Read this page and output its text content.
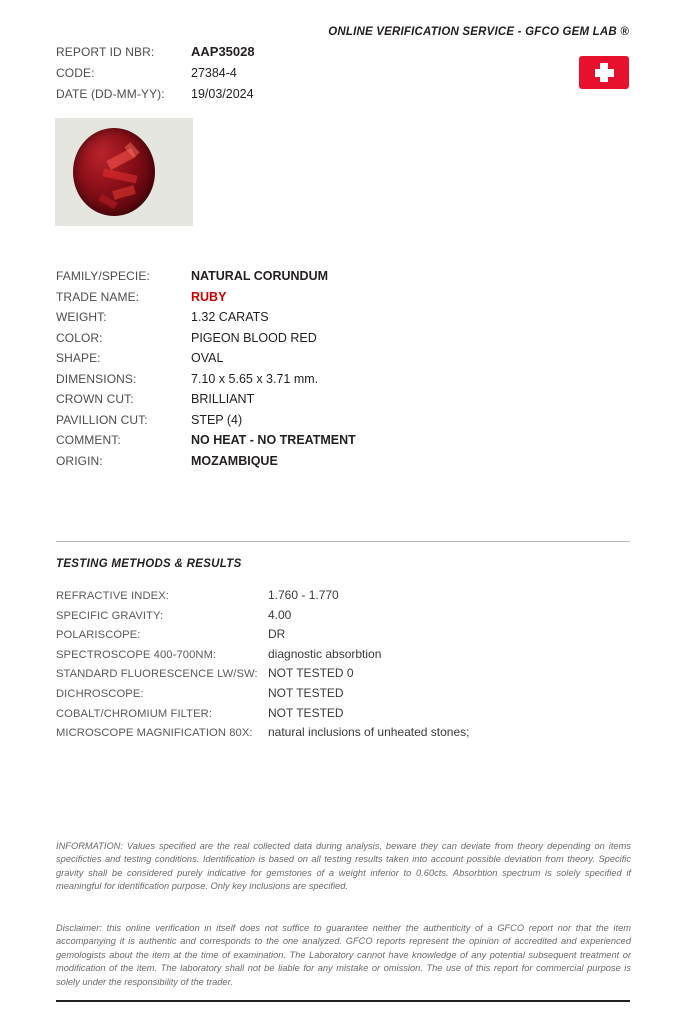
ONLINE VERIFICATION SERVICE - GFCO GEM LAB ®
REPORT ID NBR:	AAP35028
CODE:	27384-4
DATE (DD-MM-YY):	19/03/2024
FAMILY/SPECIE:	NATURAL CORUNDUM
TRADE NAME:	RUBY
WEIGHT:	1.32 CARATS
COLOR:	PIGEON BLOOD RED
SHAPE:	OVAL
DIMENSIONS:	7.10 x 5.65 x 3.71 mm.
CROWN CUT:	BRILLIANT
PAVILLION CUT:	STEP (4)
COMMENT:	NO HEAT - NO TREATMENT
ORIGIN:	MOZAMBIQUE
TESTING METHODS & RESULTS
REFRACTIVE INDEX:	1.760 - 1.770
SPECIFIC GRAVITY:	4.00
POLARISCOPE:	DR
SPECTROSCOPE 400-700NM:	diagnostic absorbtion
STANDARD FLUORESCENCE LW/SW: NOT TESTED 0
DICHROSCOPE:	NOT TESTED
COBALT/CHROMIUM FILTER:	NOT TESTED
MICROSCOPE MAGNIFICATION 80X:	natural inclusions of unheated stones;
INFORMATION: Values specified are the real collected data during analysis, beware they can deviate from theory depending on items specificties and testing conditions. Identification is based on all testing results taken into account possible deviation from theory. Specific gravity shall be considered purely indicative for gemstones of a weight inferior to 0.60cts. Absorbtion spectrum is solely specified if meaningful for identification purpose. Only key inclusions are specified.
Disclaimer: this online verification in itself does not suffice to guarantee neither the authenticity of a GFCO report nor that the item accompanying it is authentic and corresponds to the one analyzed. GFCO reports represent the opinion of accredited and experienced gemologists about the item at the time of examination. The Laboratory cannot have knowledge of any potential subsequent treatment or modification of the item. The laboratory shall not be liable for any mistake or omission. The use of this report for commercial purpose is solely under the responsibility of the trader.
